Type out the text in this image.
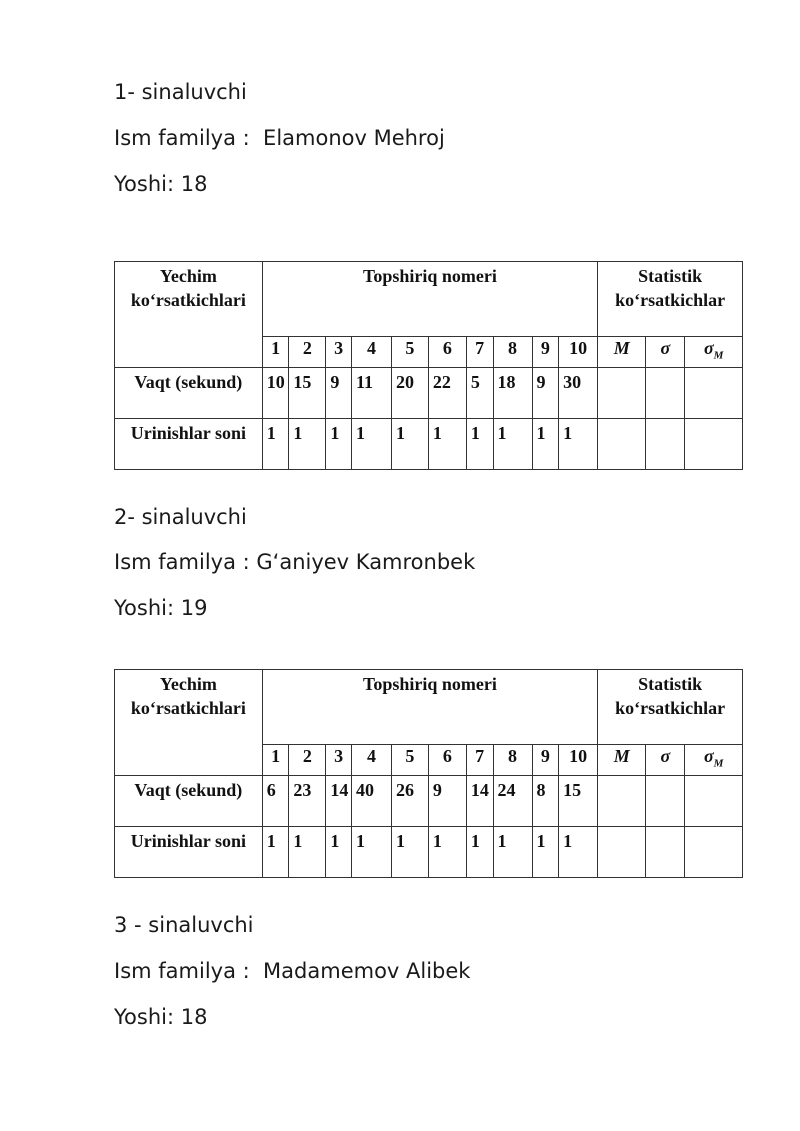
1- sinaluvchi
Ism familya :  Elamonov Mehroj
Yoshi: 18
Yechim ko‘rsatkichlari	Topshiriq nomeri										Statistik ko‘rsatkichlar		
	1	2	3	4	5	6	7	8	9	10	M	σ	$\sigma_M$
Vaqt (sekund)	10	15	9	11	20	22	5	18	9	30			
Urinishlar soni	1	1	1	1	1	1	1	1	1	1			
2- sinaluvchi
Ism familya : G‘aniyev Kamronbek
Yoshi: 19
Yechim ko‘rsatkichlari	Topshiriq nomeri										Statistik ko‘rsatkichlar		
	1	2	3	4	5	6	7	8	9	10	M	σ	$\sigma_M$
Vaqt (sekund)	6	23	14	40	26	9	14	24	8	15			
Urinishlar soni	1	1	1	1	1	1	1	1	1	1			
3 - sinaluvchi
Ism familya :  Madamemov Alibek
Yoshi: 18
